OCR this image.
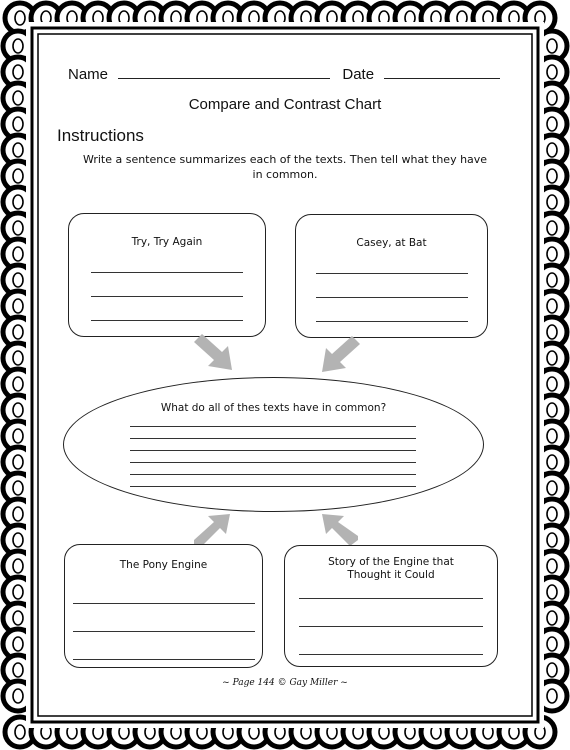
Name	Date
Compare and Contrast Chart
Instructions
Write a sentence summarizes each of the texts. Then tell what they have in common.
Try, Try Again	Casey, at Bat
What do all of thes texts have in common?
The Pony Engine	Story of the Engine that Thought it Could
~ Page 144 © Gay Miller ~
